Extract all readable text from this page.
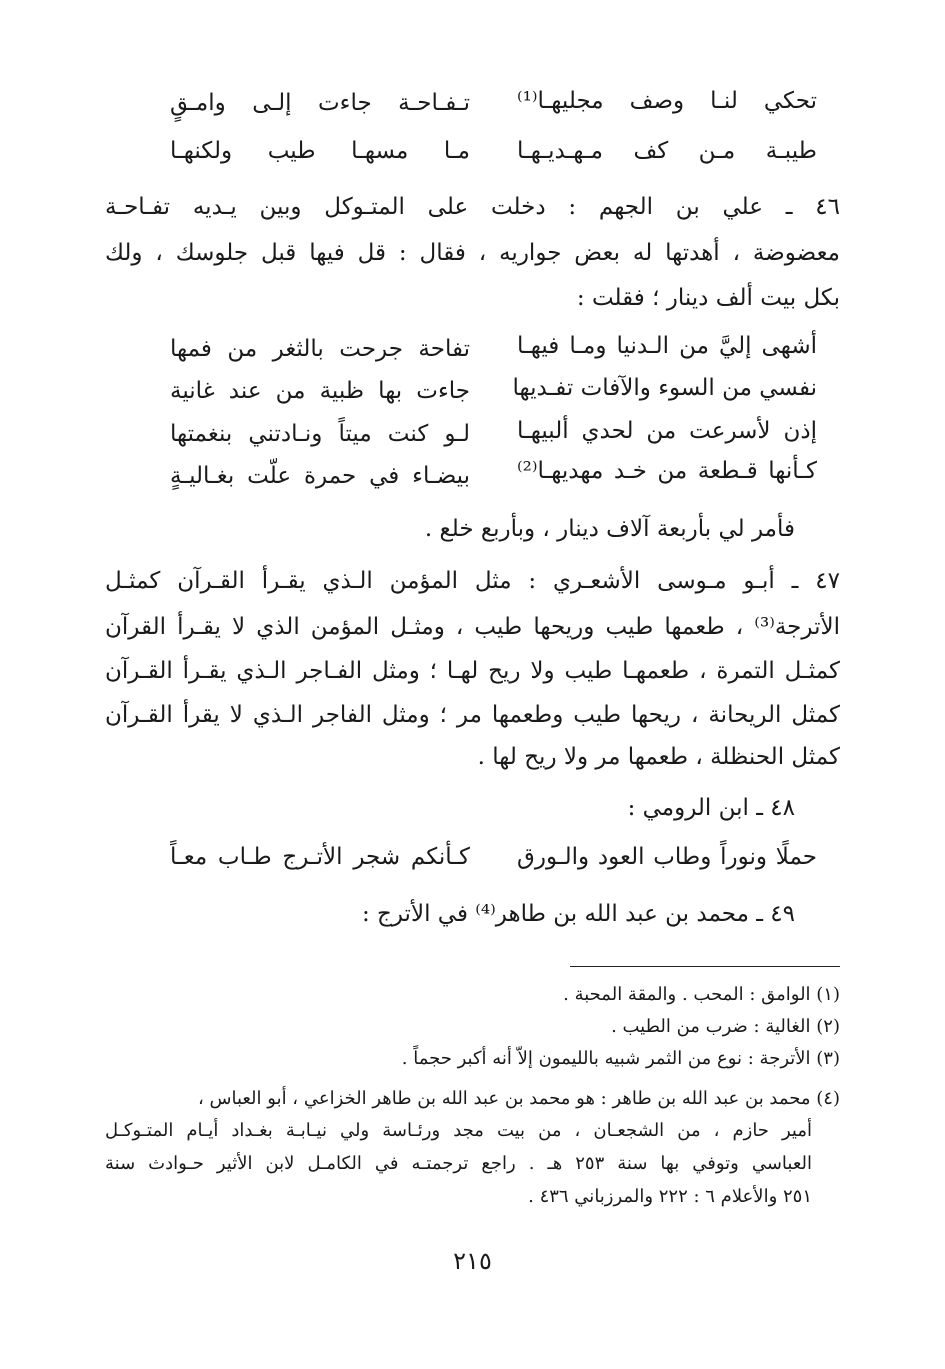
تـفـاحـة جاءت إلـى وامـقٍ تحكي لنـا وصف مجليهـا⁽¹⁾
مـا مسهـا طيب ولكنهـا طيبـة مـن كف مـهـديـهـا
٤٦ ـ علي بن الجهم : دخلت على المتـوكل وبين يـديه تفـاحـة
معضوضة ، أهدتها له بعض جواريه ، فقال : قل فيها قبل جلوسك ، ولك
بكل بيت ألف دينار ؛ فقلت :
تفاحة جرحت بالثغر من فمها أشهى إليَّ من الـدنيا ومـا فيهـا
جاءت بها ظبية من عند غانية نفسي من السوء والآفات تفـديها
لـو كنت ميتاً ونـادتني بنغمتها إذن لأسرعت من لحدي ألبيهـا
بيضـاء في حمرة علّت بغـاليـةٍ كـأنها قـطعة من خـد مهديهـا⁽²⁾
فأمر لي بأربعة آلاف دينار ، وبأربع خلع .
٤٧ ـ أبـو مـوسى الأشعـري : مثل المؤمن الـذي يقـرأ القـرآن كمثـل
الأترجة⁽³⁾ ، طعمها طيب وريحها طيب ، ومثـل المؤمن الذي لا يقـرأ القرآن
كمثـل التمرة ، طعمهـا طيب ولا ريح لهـا ؛ ومثل الفـاجر الـذي يقـرأ القـرآن
كمثل الريحانة ، ريحها طيب وطعمها مر ؛ ومثل الفاجر الـذي لا يقرأ القـرآن
كمثل الحنظلة ، طعمها مر ولا ريح لها .
٤٨ ـ ابن الرومي :
كـأنكم شجر الأتـرج طـاب معـاً حملًا ونوراً وطاب العود والـورق
٤٩ ـ محمد بن عبد الله بن طاهر⁽⁴⁾ في الأترج :
(١) الوامق : المحب . والمقة المحبة .
(٢) الغالية : ضرب من الطيب .
(٣) الأترجة : نوع من الثمر شبيه بالليمون إلاّ أنه أكبر حجماً .
(٤) محمد بن عبد الله بن طاهر : هو محمد بن عبد الله بن طاهر الخزاعي ، أبو العباس ،
أمير حازم ، من الشجعـان ، من بيت مجد ورئـاسة ولي نيـابـة بغـداد أيـام المتـوكـل
العباسي وتوفي بها سنة ٢٥٣ هـ . راجع ترجمتـه في الكامـل لابن الأثير حـوادث سنة
٢٥١ والأعلام ٦ : ٢٢٢ والمرزباني ٤٣٦ .
٢١٥
